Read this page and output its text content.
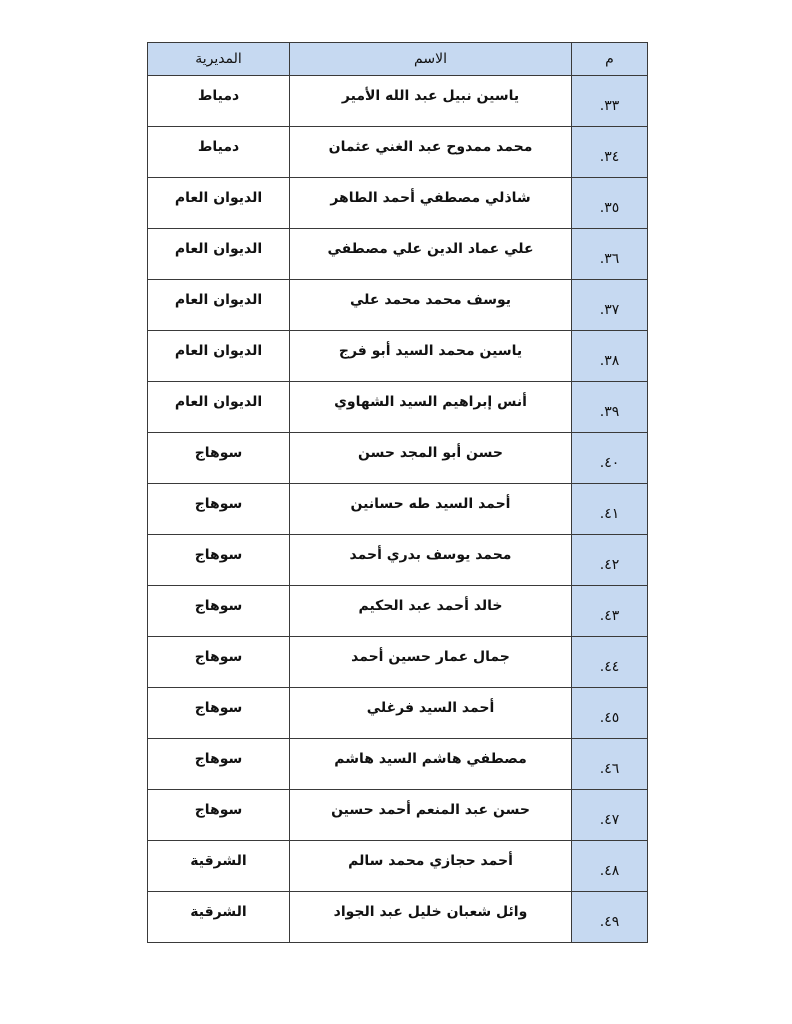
م	الاسم	المديرية
٣٣.	ياسين نبيل عبد الله الأمير	دمياط
٣٤.	محمد ممدوح عبد الغني عثمان	دمياط
٣٥.	شاذلي مصطفي أحمد الطاهر	الديوان العام
٣٦.	علي عماد الدين علي مصطفي	الديوان العام
٣٧.	يوسف محمد محمد علي	الديوان العام
٣٨.	ياسين محمد السيد أبو فرج	الديوان العام
٣٩.	أنس إبراهيم السيد الشهاوي	الديوان العام
٤٠.	حسن أبو المجد حسن	سوهاج
٤١.	أحمد السيد طه حسانين	سوهاج
٤٢.	محمد يوسف بدري أحمد	سوهاج
٤٣.	خالد أحمد عبد الحكيم	سوهاج
٤٤.	جمال عمار حسين أحمد	سوهاج
٤٥.	أحمد السيد فرغلي	سوهاج
٤٦.	مصطفي هاشم السيد هاشم	سوهاج
٤٧.	حسن عبد المنعم أحمد حسين	سوهاج
٤٨.	أحمد حجازي محمد سالم	الشرقية
٤٩.	وائل شعبان خليل عبد الجواد	الشرقية
